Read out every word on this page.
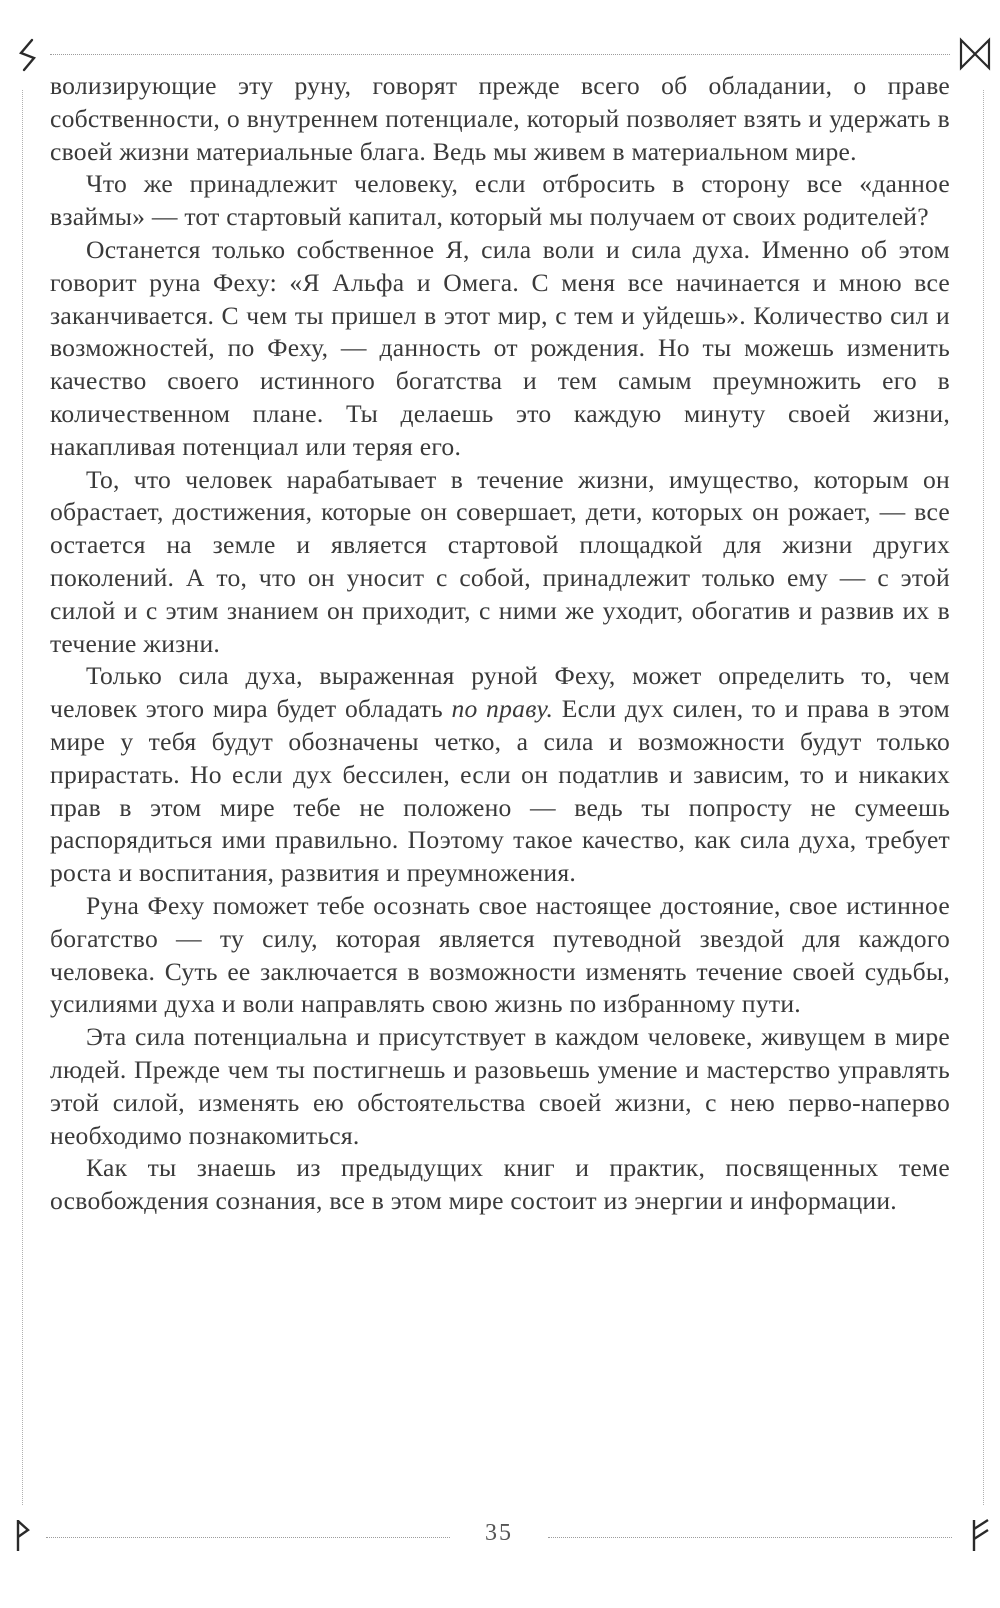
волизирующие эту руну, говорят прежде всего об обладании, о праве собственности, о внутреннем потенциале, который позволяет взять и удержать в своей жизни материальные блага. Ведь мы живем в материальном мире.

Что же принадлежит человеку, если отбросить в сторону все «данное взаймы» — тот стартовый капитал, который мы получаем от своих родителей?

Останется только собственное Я, сила воли и сила духа. Именно об этом говорит руна Феху: «Я Альфа и Омега. С меня все начинается и мною все заканчивается. С чем ты пришел в этот мир, с тем и уйдешь». Количество сил и возможностей, по Феху, — данность от рождения. Но ты можешь изменить качество своего истинного богатства и тем самым преумножить его в количественном плане. Ты делаешь это каждую минуту своей жизни, накапливая потенциал или теряя его.

То, что человек нарабатывает в течение жизни, имущество, которым он обрастает, достижения, которые он совершает, дети, которых он рожает, — все остается на земле и является стартовой площадкой для жизни других поколений. А то, что он уносит с собой, принадлежит только ему — с этой силой и с этим знанием он приходит, с ними же уходит, обогатив и развив их в течение жизни.

Только сила духа, выраженная руной Феху, может определить то, чем человек этого мира будет обладать по праву. Если дух силен, то и права в этом мире у тебя будут обозначены четко, а сила и возможности будут только прирастать. Но если дух бессилен, если он податлив и зависим, то и никаких прав в этом мире тебе не положено — ведь ты попросту не сумеешь распорядиться ими правильно. Поэтому такое качество, как сила духа, требует роста и воспитания, развития и преумножения.

Руна Феху поможет тебе осознать свое настоящее достояние, свое истинное богатство — ту силу, которая является путеводной звездой для каждого человека. Суть ее заключается в возможности изменять течение своей судьбы, усилиями духа и воли направлять свою жизнь по избранному пути.

Эта сила потенциальна и присутствует в каждом человеке, живущем в мире людей. Прежде чем ты постигнешь и разовьешь умение и мастерство управлять этой силой, изменять ею обстоятельства своей жизни, с нею перво-наперво необходимо познакомиться.

Как ты знаешь из предыдущих книг и практик, посвященных теме освобождения сознания, все в этом мире состоит из энергии и информации.

35
